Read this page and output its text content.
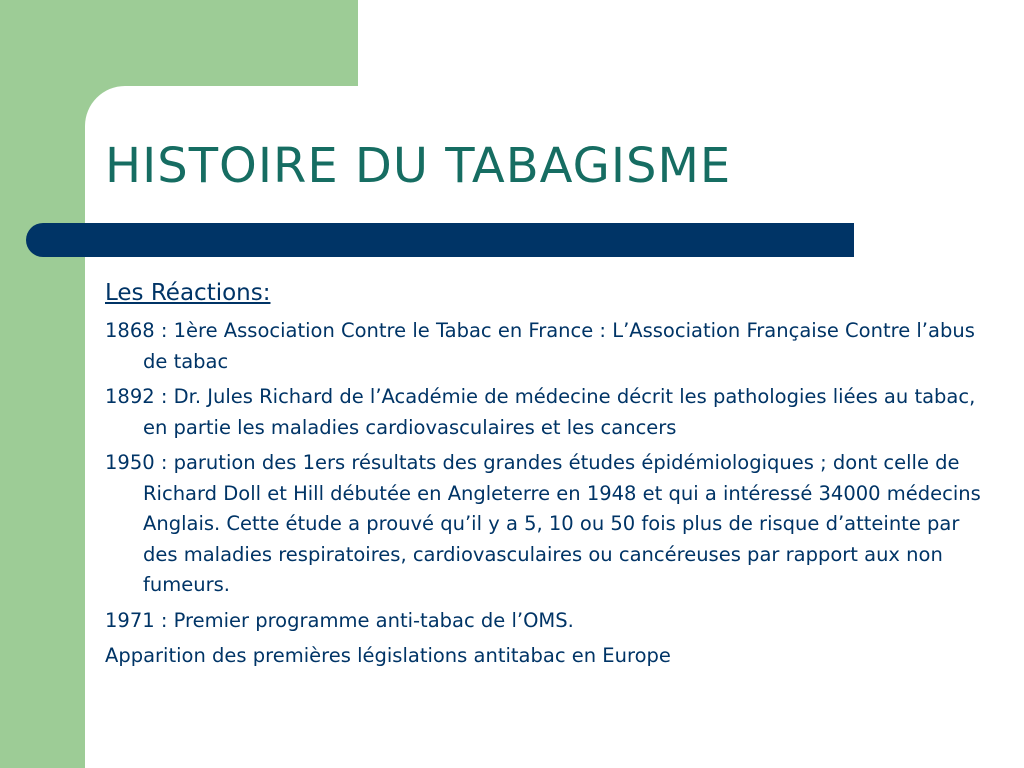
HISTOIRE DU TABAGISME
Les Réactions:
1868 : 1ère Association Contre le Tabac en France : L’Association Française Contre l’abus de tabac
1892 : Dr. Jules Richard de l’Académie de médecine décrit les pathologies liées au tabac, en partie les maladies cardiovasculaires et les cancers
1950 : parution des 1ers résultats des grandes études épidémiologiques ; dont celle de Richard Doll et Hill débutée en Angleterre en 1948 et qui a intéressé 34000 médecins Anglais. Cette étude a prouvé qu’il y a 5, 10 ou 50 fois plus de risque d’atteinte par des maladies respiratoires, cardiovasculaires ou cancéreuses par rapport aux non fumeurs.
1971 : Premier programme anti-tabac de l’OMS.
Apparition des premières législations antitabac en Europe
